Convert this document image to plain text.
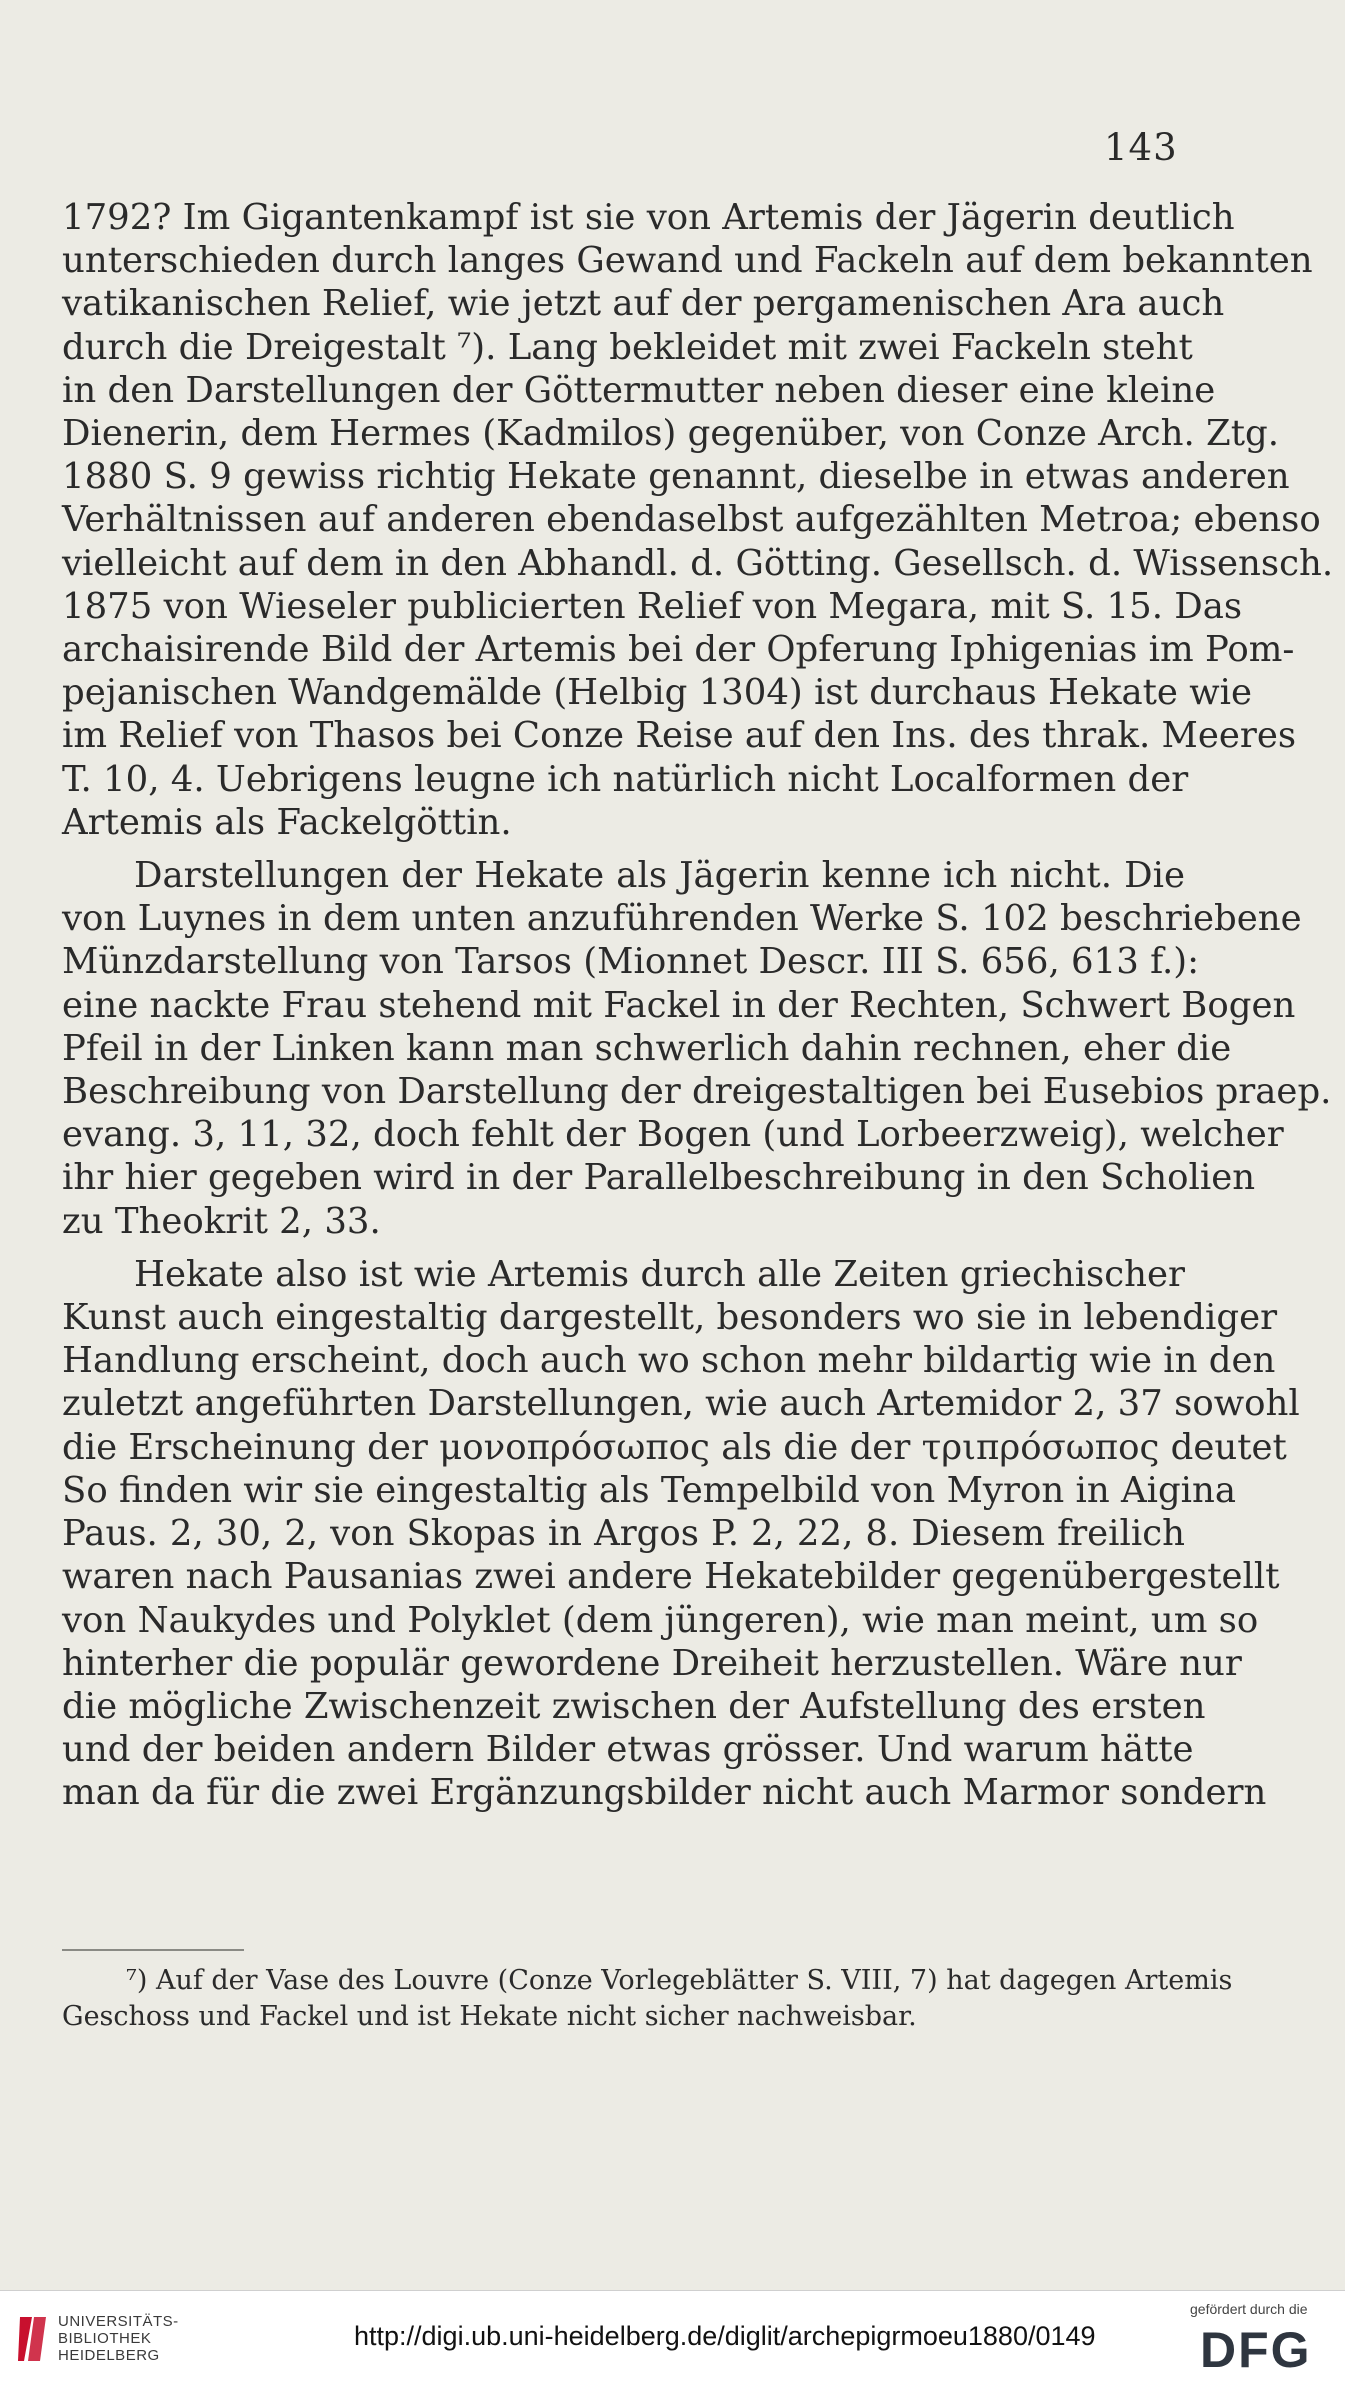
143
1792? Im Gigantenkampf ist sie von Artemis der Jägerin deutlich
unterschieden durch langes Gewand und Fackeln auf dem bekannten
vatikanischen Relief, wie jetzt auf der pergamenischen Ara auch
durch die Dreigestalt ⁷). Lang bekleidet mit zwei Fackeln steht
in den Darstellungen der Göttermutter neben dieser eine kleine
Dienerin, dem Hermes (Kadmilos) gegenüber, von Conze Arch. Ztg.
1880 S. 9 gewiss richtig Hekate genannt, dieselbe in etwas anderen
Verhältnissen auf anderen ebendaselbst aufgezählten Metroa; ebenso
vielleicht auf dem in den Abhandl. d. Götting. Gesellsch. d. Wissensch.
1875 von Wieseler publicierten Relief von Megara, mit S. 15. Das
archaisirende Bild der Artemis bei der Opferung Iphigenias im Pom-
pejanischen Wandgemälde (Helbig 1304) ist durchaus Hekate wie
im Relief von Thasos bei Conze Reise auf den Ins. des thrak. Meeres
T. 10, 4. Uebrigens leugne ich natürlich nicht Localformen der
Artemis als Fackelgöttin.
Darstellungen der Hekate als Jägerin kenne ich nicht. Die
von Luynes in dem unten anzuführenden Werke S. 102 beschriebene
Münzdarstellung von Tarsos (Mionnet Descr. III S. 656, 613 f.):
eine nackte Frau stehend mit Fackel in der Rechten, Schwert Bogen
Pfeil in der Linken kann man schwerlich dahin rechnen, eher die
Beschreibung von Darstellung der dreigestaltigen bei Eusebios praep.
evang. 3, 11, 32, doch fehlt der Bogen (und Lorbeerzweig), welcher
ihr hier gegeben wird in der Parallelbeschreibung in den Scholien
zu Theokrit 2, 33.
Hekate also ist wie Artemis durch alle Zeiten griechischer
Kunst auch eingestaltig dargestellt, besonders wo sie in lebendiger
Handlung erscheint, doch auch wo schon mehr bildartig wie in den
zuletzt angeführten Darstellungen, wie auch Artemidor 2, 37 sowohl
die Erscheinung der μονοπρόσωπος als die der τριπρόσωπος deutet
So finden wir sie eingestaltig als Tempelbild von Myron in Aigina
Paus. 2, 30, 2, von Skopas in Argos P. 2, 22, 8. Diesem freilich
waren nach Pausanias zwei andere Hekatebilder gegenübergestellt
von Naukydes und Polyklet (dem jüngeren), wie man meint, um so
hinterher die populär gewordene Dreiheit herzustellen. Wäre nur
die mögliche Zwischenzeit zwischen der Aufstellung des ersten
und der beiden andern Bilder etwas grösser. Und warum hätte
man da für die zwei Ergänzungsbilder nicht auch Marmor sondern
⁷) Auf der Vase des Louvre (Conze Vorlegeblätter S. VIII, 7) hat dagegen Artemis
Geschoss und Fackel und ist Hekate nicht sicher nachweisbar.
UNIVERSITÄTS-
BIBLIOTHEK
HEIDELBERG
http://digi.ub.uni-heidelberg.de/diglit/archepigrmoeu1880/0149
gefördert durch die
DFG
